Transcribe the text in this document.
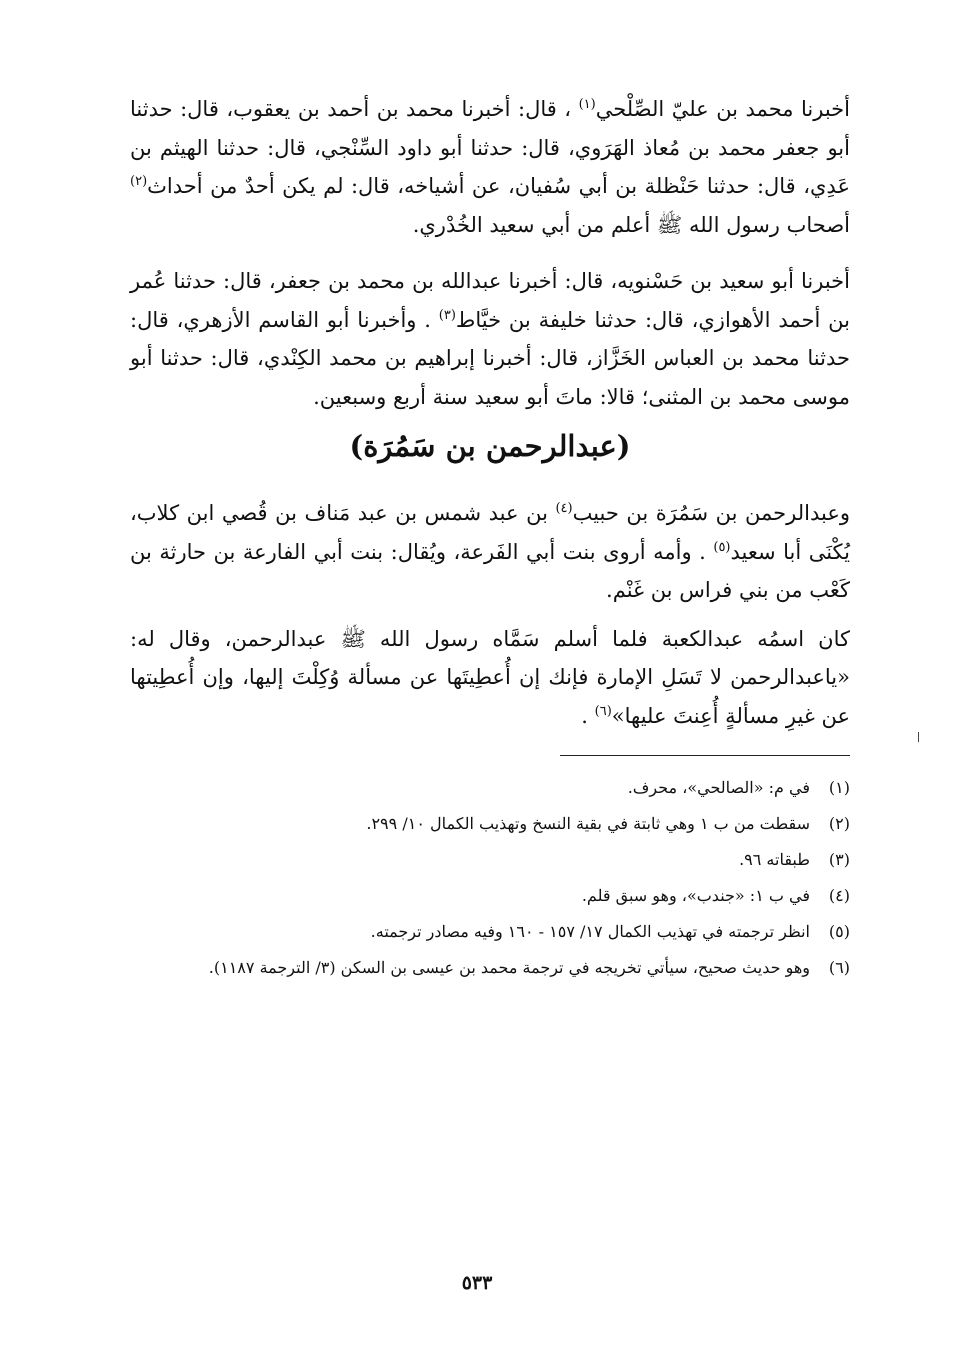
أخبرنا محمد بن عليّ الصِّلْحي$^{(١)}$ ، قال: أخبرنا محمد بن أحمد بن يعقوب، قال: حدثنا أبو جعفر محمد بن مُعاذ الهَرَوي، قال: حدثنا أبو داود السِّنْجي، قال: حدثنا الهيثم بن عَدِي، قال: حدثنا حَنْظلة بن أبي سُفيان، عن أشياخه، قال: لم يكن أحدٌ من أحداث$^{(٢)}$ أصحاب رسول الله ﷺ أعلم من أبي سعيد الخُدْري.

أخبرنا أبو سعيد بن حَسْنويه، قال: أخبرنا عبدالله بن محمد بن جعفر، قال: حدثنا عُمر بن أحمد الأهوازي، قال: حدثنا خليفة بن خيَّاط$^{(٣)}$ . وأخبرنا أبو القاسم الأزهري، قال: حدثنا محمد بن العباس الخَزَّاز، قال: أخبرنا إبراهيم بن محمد الكِنْدي، قال: حدثنا أبو موسى محمد بن المثنى؛ قالا: ماتَ أبو سعيد سنة أربع وسبعين.

(عبدالرحمن بن سَمُرَة)

وعبدالرحمن بن سَمُرَة بن حبيب$^{(٤)}$ بن عبد شمس بن عبد مَناف بن قُصي ابن كلاب، يُكْنَى أبا سعيد$^{(٥)}$ . وأمه أروى بنت أبي الفَرعة، ويُقال: بنت أبي الفارعة بن حارثة بن كَعْب من بني فراس بن غَنْم.

كان اسمُه عبدالكعبة فلما أسلم سَمَّاه رسول الله ﷺ عبدالرحمن، وقال له: «ياعبدالرحمن لا تَسَلِ الإمارة فإنك إن أُعطِيتَها عن مسألة وُكِلْتَ إليها، وإن أُعطِيتها عن غيرِ مسألةٍ أُعِنتَ عليها»$^{(٦)}$ .

(١)
في م: «الصالحي»، محرف.
(٢)
سقطت من ب ١ وهي ثابتة في بقية النسخ وتهذيب الكمال ١٠/ ٢٩٩.
(٣)
طبقاته ٩٦.
(٤)
في ب ١: «جندب»، وهو سبق قلم.
(٥)
انظر ترجمته في تهذيب الكمال ١٧/ ١٥٧ - ١٦٠ وفيه مصادر ترجمته.
(٦)
وهو حديث صحيح، سيأتي تخريجه في ترجمة محمد بن عيسى بن السكن (٣/ الترجمة ١١٨٧).
٥٣٣
